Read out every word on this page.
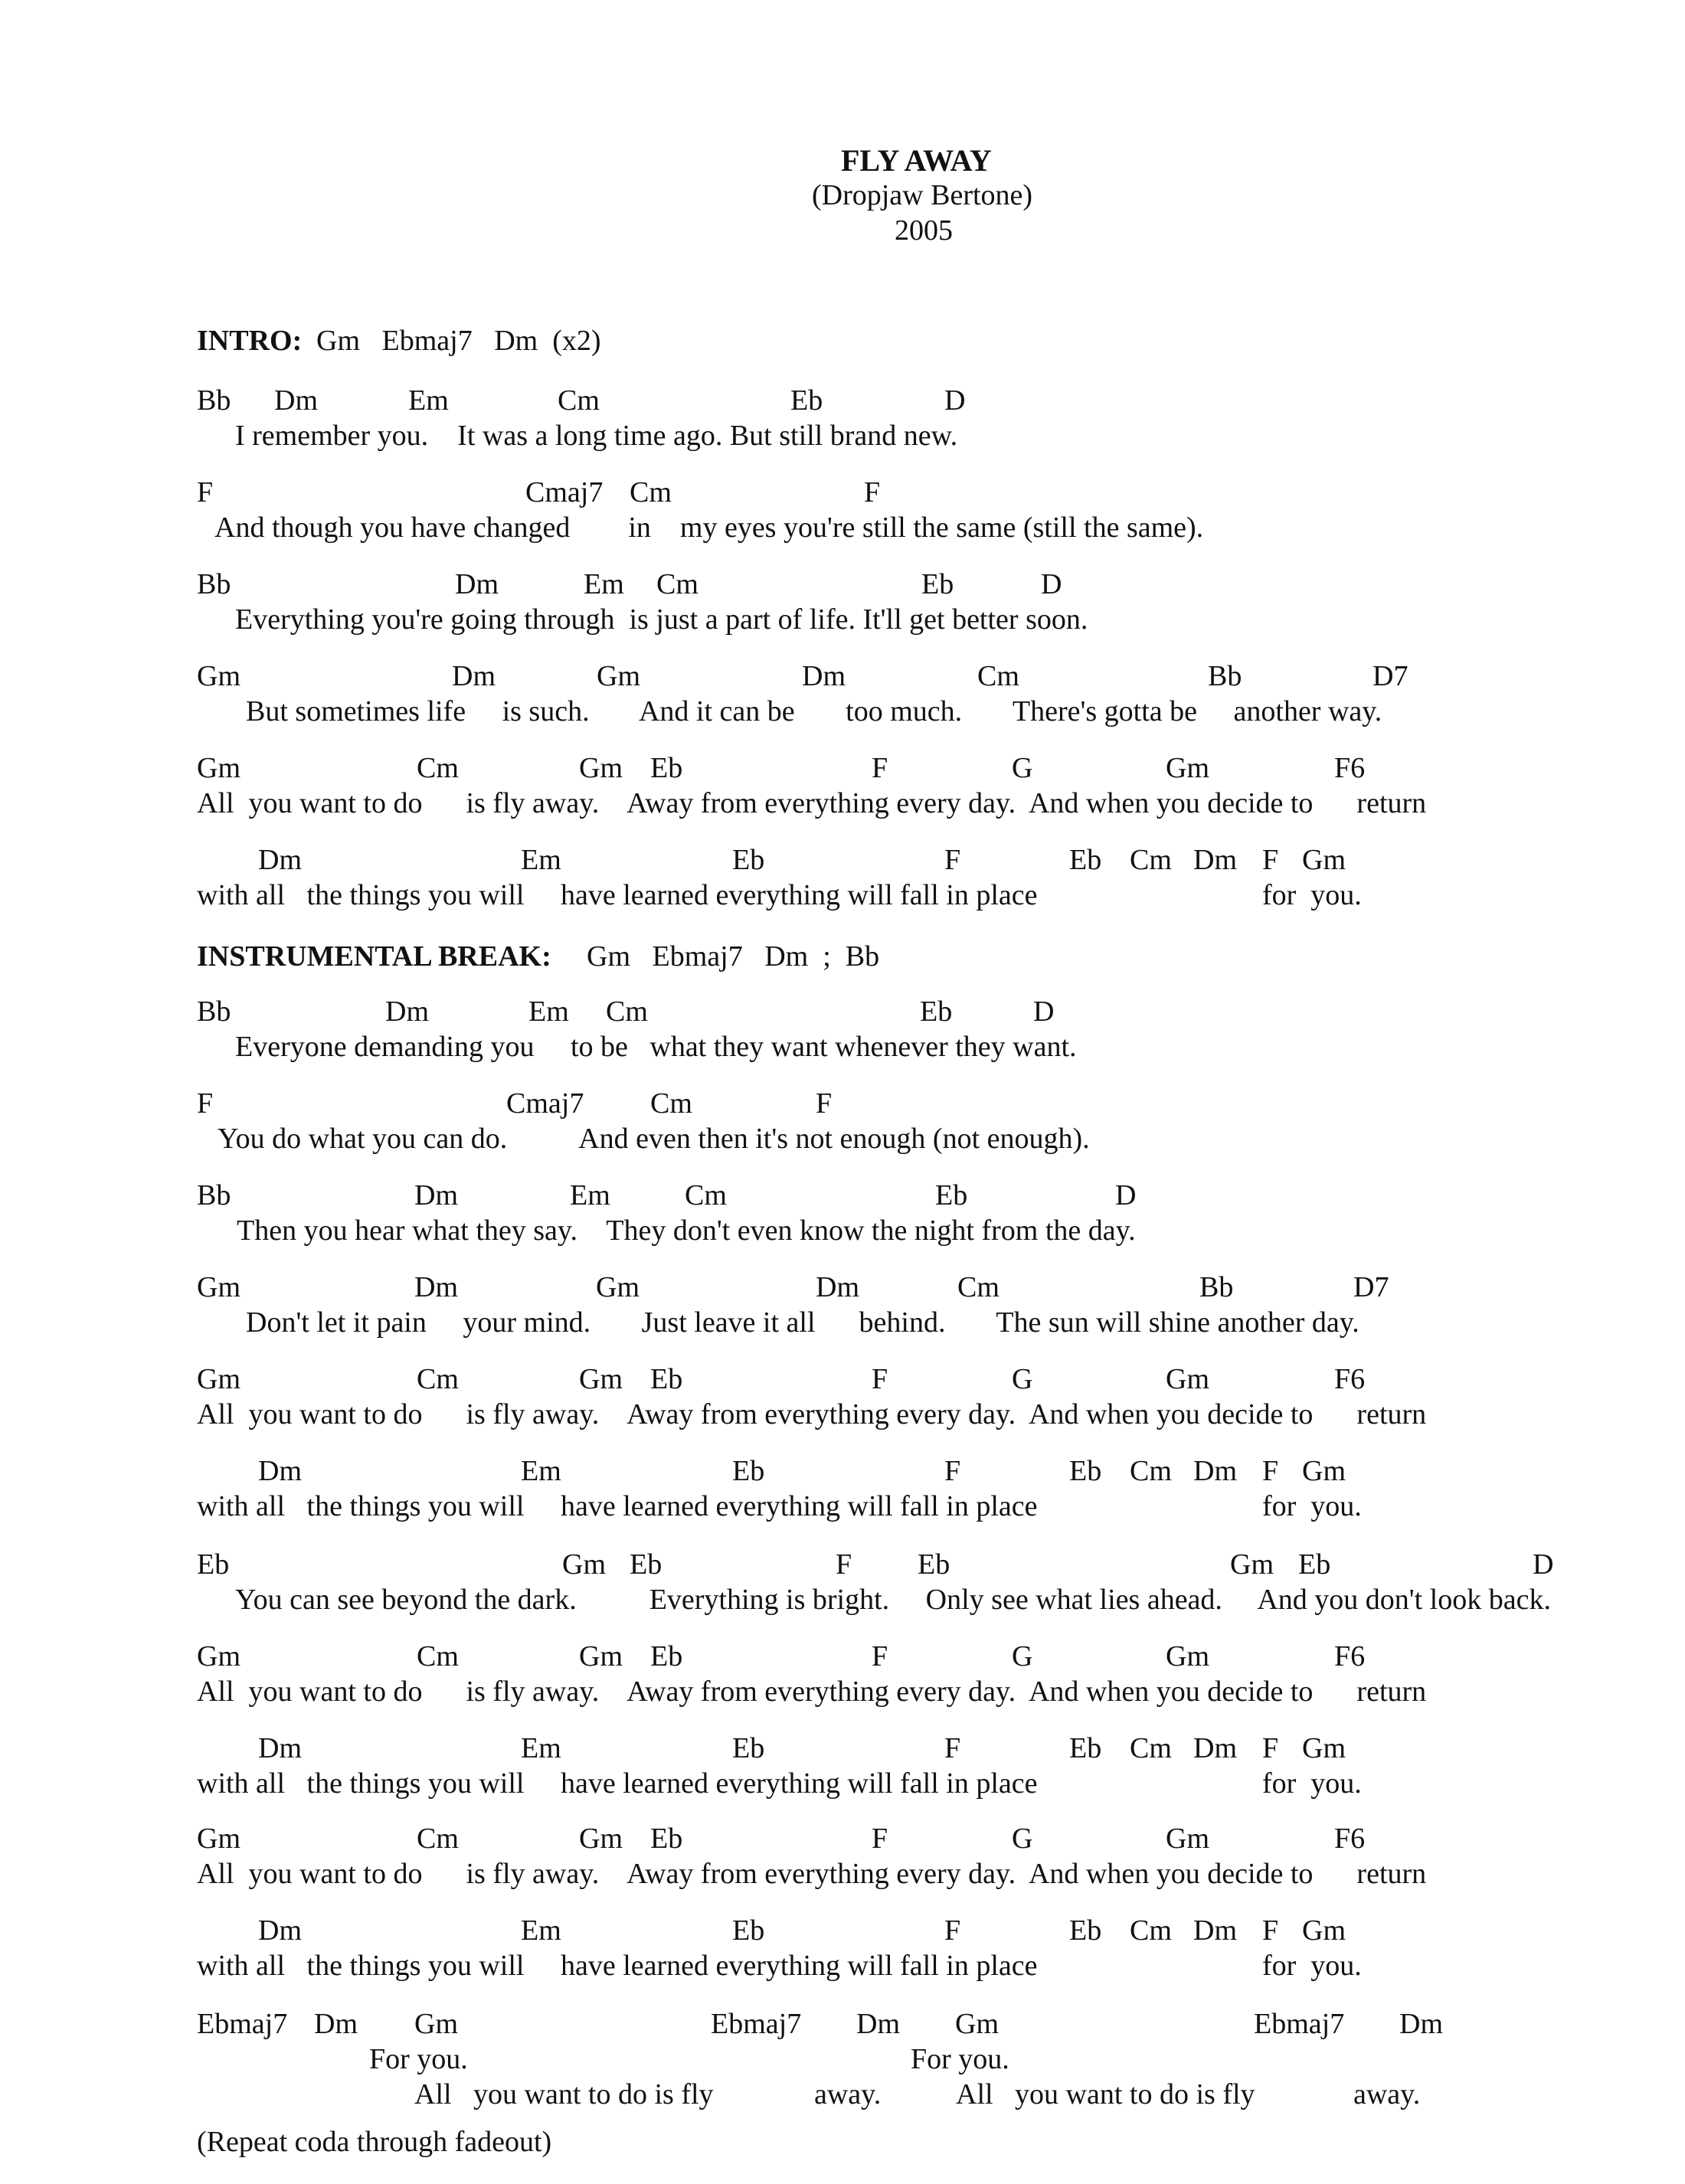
FLY AWAY
(Dropjaw Bertone)
2005
INTRO: Gm   Ebmaj7   Dm  (x2)
Bb Dm	Em	Cm	Eb	D
I remember you.    It was a long time ago. But still brand new.
F	Cmaj7 Cm	F
And though you have changed        in    my eyes you're still the same (still the same).
Bb	Dm	Em Cm	Eb	D
Everything you're going through  is just a part of life. It'll get better soon.
Gm	Dm	Gm	Dm	Cm	Bb	D7
But sometimes life     is such.       And it can be       too much.       There's gotta be     another way.
Gm	Cm	Gm Eb	F	G	Gm	F6
All  you want to do      is fly away.    Away from everything every day.  And when you decide to      return
Dm	Em	Eb	F	Eb Cm Dm F Gm
with all   the things you will     have learned everything will fall in place	for  you.
INSTRUMENTAL BREAK: Gm   Ebmaj7   Dm  ;  Bb
Bb	Dm	Em Cm	Eb	D
Everyone demanding you     to be   what they want whenever they want.
F	Cmaj7 Cm	F
You do what you can do.          And even then it's not enough (not enough).
Bb	Dm	Em	Cm	Eb	D
Then you hear what they say.    They don't even know the night from the day.
Gm	Dm	Gm	Dm	Cm	Bb	D7
Don't let it pain     your mind.       Just leave it all      behind.       The sun will shine another day.
Gm	Cm	Gm Eb	F	G	Gm	F6
All  you want to do      is fly away.    Away from everything every day.  And when you decide to      return
Dm	Em	Eb	F	Eb Cm Dm F Gm
with all   the things you will     have learned everything will fall in place	for  you.
Eb	Gm Eb	F Eb	Gm Eb	D
You can see beyond the dark.          Everything is bright.     Only see what lies ahead.     And you don't look back.
Gm	Cm	Gm Eb	F	G	Gm	F6
All  you want to do      is fly away.    Away from everything every day.  And when you decide to      return
Dm	Em	Eb	F	Eb Cm Dm F Gm
with all   the things you will     have learned everything will fall in place	for  you.
Gm	Cm	Gm Eb	F	G	Gm	F6
All  you want to do      is fly away.    Away from everything every day.  And when you decide to      return
Dm	Em	Eb	F	Eb Cm Dm F Gm
with all   the things you will     have learned everything will fall in place	for  you.
Ebmaj7 Dm Gm	Ebmaj7 Dm Gm	Ebmaj7 Dm
For you.	For you.
All   you want to do is fly	away.	All   you want to do is fly	away.
(Repeat coda through fadeout)
